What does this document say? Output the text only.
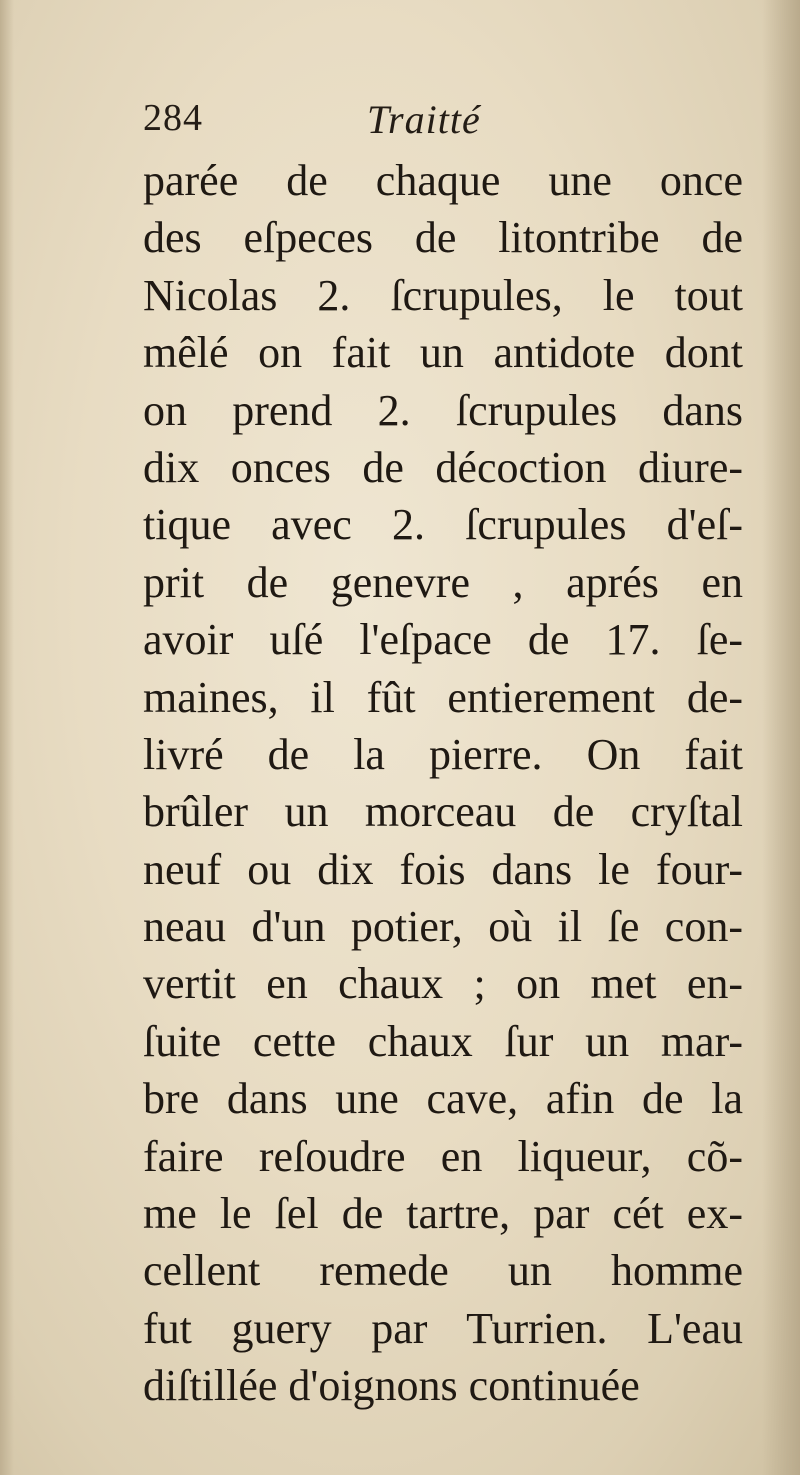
284	Traitté
parée de chaque une once
des eſpeces de litontribe de
Nicolas 2. ſcrupules, le tout
mêlé on fait un antidote dont
on prend 2. ſcrupules dans
dix onces de décoction diure-
tique avec 2. ſcrupules d'eſ-
prit de genevre , aprés en
avoir uſé l'eſpace de 17. ſe-
maines, il fût entierement de-
livré de la pierre. On fait
brûler un morceau de cryſtal
neuf ou dix fois dans le four-
neau d'un potier, où il ſe con-
vertit en chaux ; on met en-
ſuite cette chaux ſur un mar-
bre dans une cave, afin de la
faire reſoudre en liqueur, cõ-
me le ſel de tartre, par cét ex-
cellent remede un homme
fut guery par Turrien. L'eau
diſtillée d'oignons continuée
